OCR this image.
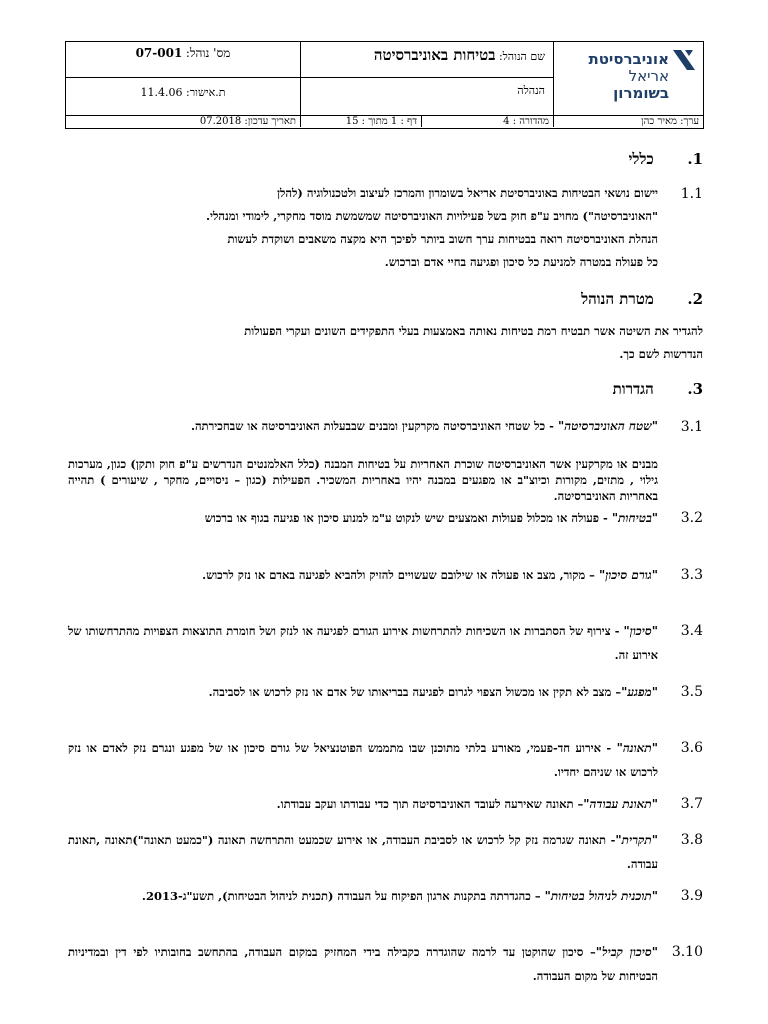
אוניברסיטת
אריאל
בשומרון
שם הנוהל: בטיחות באוניברסיטה
מס' נוהל: 07-001
הנהלה
ת.אישור: 11.4.06
ערך: מאיר כהן
מהדורה : 4
דף : 1 מתוך : 15
תאריך עדכון: 07.2018
1. כללי
1.1
יישום נושאי הבטיחות באוניברסיטת אריאל בשומרון והמרכז לעיצוב ולטכנולוגיה (להלן
"האוניברסיטה") מחויב ע"פ חוק בשל פעילויות האוניברסיטה שמשמשת מוסד מחקרי, לימודי ומנהלי.
הנהלת האוניברסיטה רואה בבטיחות ערך חשוב ביותר לפיכך היא מקצה משאבים ושוקדת לעשות
כל פעולה במטרה למניעת כל סיכון ופגיעה בחיי אדם וברכוש.
2. מטרת הנוהל
להגדיר את השיטה אשר תבטיח רמת בטיחות נאותה באמצעות בעלי התפקידים השונים ועקרי הפעולות
הנדרשות לשם כך.
3. הגדרות
3.1
"שטח האוניברסיטה" - כל שטחי האוניברסיטה מקרקעין ומבנים שבבעלות האוניברסיטה או שבחכירתה.
מבנים או מקרקעין אשר האוניברסיטה שוכרת האחריות על בטיחות המבנה (כלל האלמנטים הנדרשים ע"פ חוק ותקן) כגון, מערכות גילוי , מתזים, מקורות וכיוצ"ב או מפגעים במבנה יהיו באחריות המשכיר. הפעילות (כגון – ניסויים, מחקר , שיעורים ) תהייה באחריות האוניברסיטה.
3.2
"בטיחות" - פעולה או מכלול פעולות ואמצעים שיש לנקוט ע"מ למנוע סיכון או פגיעה בגוף או ברכוש
3.3
"גורם סיכון" – מקור, מצב או פעולה או שילובם שעשויים להזיק ולהביא לפגיעה באדם או נזק לרכוש.
3.4
"סיכון" - צירוף של הסתברות או השכיחות להתרחשות אירוע הגורם לפגיעה או לנזק ושל חומרת התוצאות הצפויות מהתרחשותו של אירוע זה.
3.5
"מפגע"– מצב לא תקין או מכשול הצפוי לגרום לפגיעה בבריאותו של אדם או נזק לרכוש או לסביבה.
3.6
"תאונה" - אירוע חד-פעמי, מאורע בלתי מתוכנן שבו מתממש הפוטנציאל של גורם סיכון או של מפגע ונגרם נזק לאדם או נזק לרכוש או שניהם יחדיו.
3.7
"תאונת עבודה"– תאונה שאירעה לעובד האוניברסיטה תוך כדי עבודתו ועקב עבודתו.
3.8
"תקרית"- תאונה שגרמה נזק קל לרכוש או לסביבת העבודה, או אירוע שכמעט והתרחשה תאונה ("כמעט תאונה")תאונה ,תאונת עבודה.
3.9
"תוכנית לניהול בטיחות" – כהגדרתה בתקנות ארגון הפיקוח על העבודה (תכנית לניהול הבטיחות), תשע"ג-2013.
3.10
"סיכון קביל"– סיכון שהוקטן עד לרמה שהוגדרה כקבילה בידי המחזיק במקום העבודה, בהתחשב בחובותיו לפי דין ובמדיניות הבטיחות של מקום העבודה.
